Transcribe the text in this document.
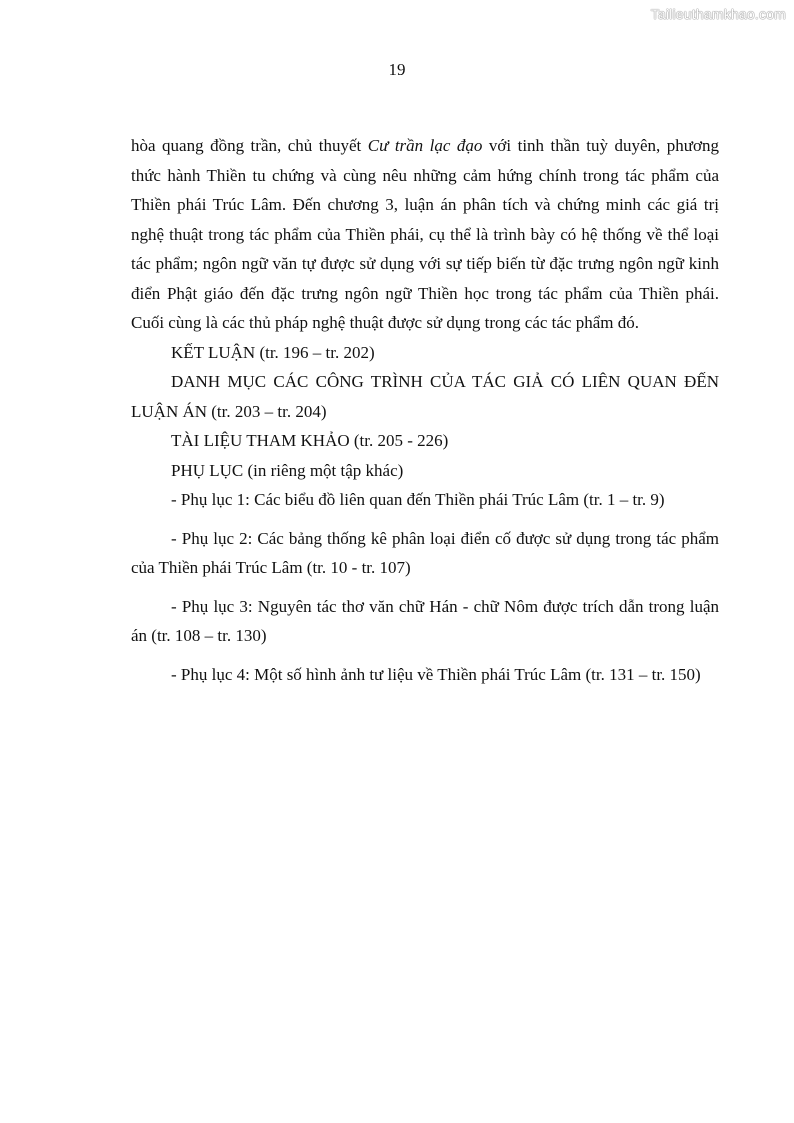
Tailieuthamkhao.com
19

hòa quang đồng trần, chủ thuyết Cư trần lạc đạo với tinh thần tuỳ duyên, phương thức hành Thiền tu chứng và cùng nêu những cảm hứng chính trong tác phẩm của Thiền phái Trúc Lâm. Đến chương 3, luận án phân tích và chứng minh các giá trị nghệ thuật trong tác phẩm của Thiền phái, cụ thể là trình bày có hệ thống về thể loại tác phẩm; ngôn ngữ văn tự được sử dụng với sự tiếp biến từ đặc trưng ngôn ngữ kinh điển Phật giáo đến đặc trưng ngôn ngữ Thiền học trong tác phẩm của Thiền phái. Cuối cùng là các thủ pháp nghệ thuật được sử dụng trong các tác phẩm đó.

KẾT LUẬN (tr. 196 – tr. 202)

DANH MỤC CÁC CÔNG TRÌNH CỦA TÁC GIẢ CÓ LIÊN QUAN ĐẾN LUẬN ÁN (tr. 203 – tr. 204)

TÀI LIỆU THAM KHẢO (tr. 205 - 226)

PHỤ LỤC (in riêng một tập khác)

- Phụ lục 1: Các biểu đồ liên quan đến Thiền phái Trúc Lâm (tr. 1 – tr. 9)

- Phụ lục 2: Các bảng thống kê phân loại điển cố được sử dụng trong tác phẩm của Thiền phái Trúc Lâm (tr. 10 - tr. 107)

- Phụ lục 3: Nguyên tác thơ văn chữ Hán - chữ Nôm được trích dẫn trong luận án (tr. 108 – tr. 130)

- Phụ lục 4: Một số hình ảnh tư liệu về Thiền phái Trúc Lâm (tr. 131 – tr. 150)
